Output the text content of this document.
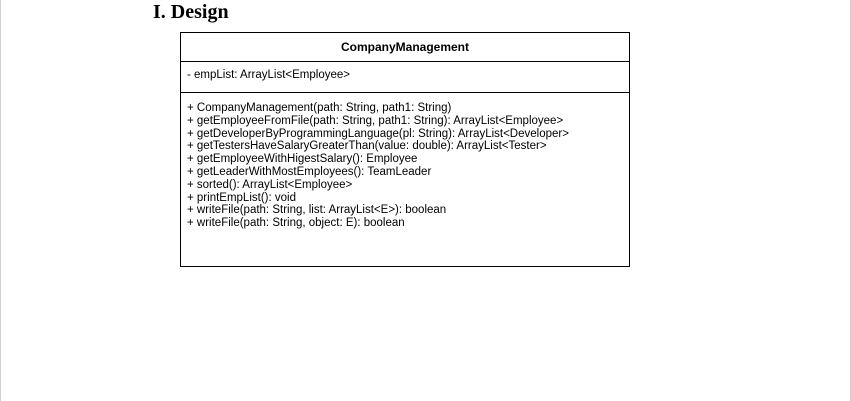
I. Design
CompanyManagement
- empList: ArrayList<Employee>
+ CompanyManagement(path: String, path1: String)
+ getEmployeeFromFile(path: String, path1: String): ArrayList<Employee>
+ getDeveloperByProgrammingLanguage(pl: String): ArrayList<Developer>
+ getTestersHaveSalaryGreaterThan(value: double): ArrayList<Tester>
+ getEmployeeWithHigestSalary(): Employee
+ getLeaderWithMostEmployees(): TeamLeader
+ sorted(): ArrayList<Employee>
+ printEmpList(): void
+ writeFile(path: String, list: ArrayList<E>): boolean
+ writeFile(path: String, object: E): boolean
